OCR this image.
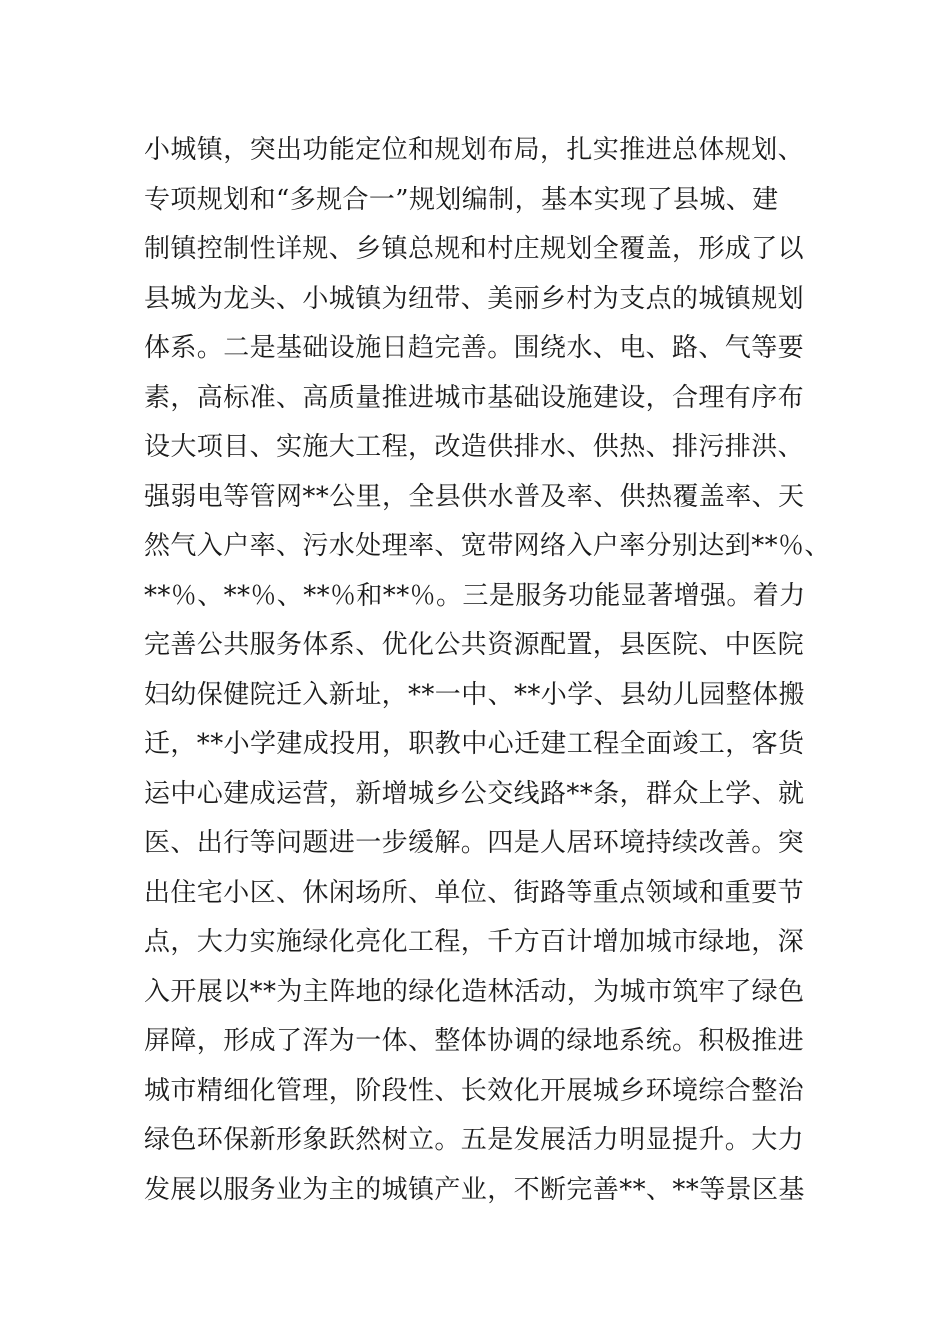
小城镇，突出功能定位和规划布局，扎实推进总体规划、
专项规划和“多规合一”规划编制，基本实现了县城、建
制镇控制性详规、乡镇总规和村庄规划全覆盖，形成了以
县城为龙头、小城镇为纽带、美丽乡村为支点的城镇规划
体系。二是基础设施日趋完善。围绕水、电、路、气等要
素，高标准、高质量推进城市基础设施建设，合理有序布
设大项目、实施大工程，改造供排水、供热、排污排洪、
强弱电等管网**公里，全县供水普及率、供热覆盖率、天
然气入户率、污水处理率、宽带网络入户率分别达到**％、
**％、**％、**％和**％。三是服务功能显著增强。着力
完善公共服务体系、优化公共资源配置，县医院、中医院
妇幼保健院迁入新址，**一中、**小学、县幼儿园整体搬
迁，**小学建成投用，职教中心迁建工程全面竣工，客货
运中心建成运营，新增城乡公交线路**条，群众上学、就
医、出行等问题进一步缓解。四是人居环境持续改善。突
出住宅小区、休闲场所、单位、街路等重点领域和重要节
点，大力实施绿化亮化工程，千方百计增加城市绿地，深
入开展以**为主阵地的绿化造林活动，为城市筑牢了绿色
屏障，形成了浑为一体、整体协调的绿地系统。积极推进
城市精细化管理，阶段性、长效化开展城乡环境综合整治
绿色环保新形象跃然树立。五是发展活力明显提升。大力
发展以服务业为主的城镇产业，不断完善**、**等景区基
